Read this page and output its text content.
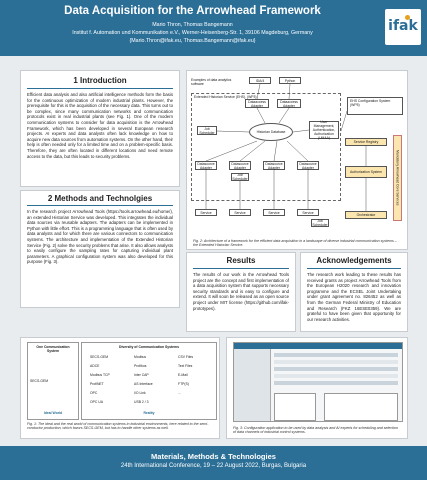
Data Acquisition for the Arrowhead Framework
Mario Thron, Thomas Bangemann
Institut f. Automation und Kommunikation e.V., Werner-Heisenberg-Str. 1, 39106 Magdeburg, Germany
{Mario.Thron@ifak.eu, Thomas.Bangemann@ifak.eu}
ifak
1 Introduction
Efficient data analysis and also artificial intelligence methods form the basis for the continuous optimization of modern industrial plants. However, the prerequisite for this is the acquisition of the necessary data. This turns out to be complex, since many communication networks and communication protocols exist in real industrial plants (see Fig. 1). One of the modern communication systems to consider for data acquisition is the Arrowhead Framework, which has been developed in several European research projects. AI experts and data analysts often lack knowledge on how to acquire new data sources from automation systems. On the other hand, their help is often needed only for a limited time and on a problem-specific basis. Therefore, they are often located in different locations and need remote access to the data, but this leads to security problems.
2 Methods and Technolgies
In the research project Arrowhead Tools (https://tools.arrowhead.eu/home/), an extended Historian Service was developed. This integrates the individual data sources via reusable adapters. The adapters can be implemented in Python with little effort. This is a programming language that is often used by data analysts and for which there are various connectors to communication systems. The architecture and implementation of the Extended Historian Service (Fig. 2) solve the security problems that arise. It also allows analysts to easily configure the sampling rates for capturing individual plant parameters. A graphical configuration system was also developed for this purpose (Fig. 3).
Examples of data analytics software
IDA/4	Python
Extended Historian Service (EHS), (WP3)
Dataaccess Adapter
Dataaccess Adapter
Job Scheduler	Historian Database
User Management, Authentication, Authorization (UMAA)
EHS Configuration System (WP5)
Service Registry
Authorization System
Orchestrator
Mandatory Arrowhead Core Services
Datasource Adapter
Datasource Adapter
Datasource Adapter
Datasource Adapter
Job Scheduler
Service	Service	Service	Service
Job Scheduler
Fig. 2: Architecture of a framework for the efficient data acquisition in a landscape of diverse industrial communication systems – the Extended Historian Service.
Results
The results of our work in the Arrowhead Tools project are the concept and first implementation of a data acquisition system that supports necessary security standards and is easy to configure and extend. It will soon be released as an open source project under MIT license (https://github.com/ifak-prototypes).
Acknowledgements
The research work leading to these results has received grants as project Arrowhead Tools from the European H2020 research and innovation programme and the ECSEL Joint Undertaking under grant agreement no. 826452 as well as from the German Federal Ministry of Education and Research (FKZ 16ESE0359). We are grateful to have been given that opportunity for our research activities.
One Communication System
SECS-GEM
Ideal World
Diversity of Communication Systems
SECS-GEM	Modbus	CSV Files
ADCE	Profibus	Text Files
Modbus TCP	Inter CAP	E-Mail
ProfiNET	AS Interface	FTP(S)
OPC	I/O Link	...
OPC UA	USB 2 / 3
Reality
Fig. 1: The ideal and the real world of communication systems in industrial environments, here related to the semi-conductor production, which favors SECS-GEM, but has to handle other systems as well.	Fig. 3: Configuration application to be used by data analysts and AI experts for scheduling and selection of data channels of industrial control systems.
Materials, Methods & Technologies
24th International Conference, 19 – 22 August 2022, Burgas, Bulgaria
